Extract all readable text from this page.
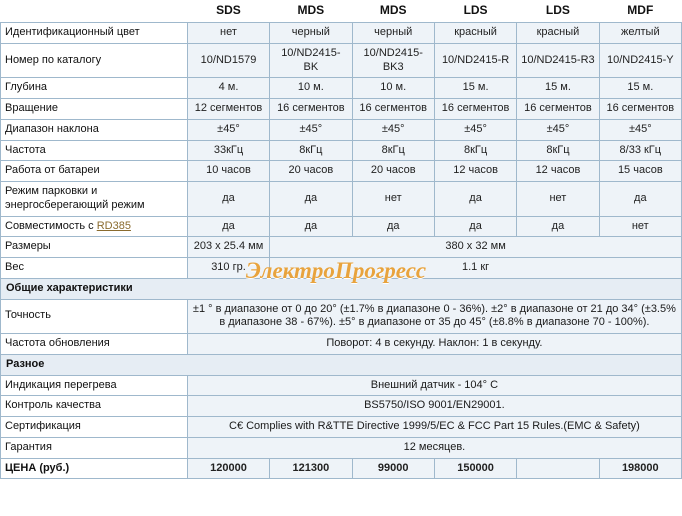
	SDS	MDS	MDS	LDS	LDS	MDF
Идентификационный цвет	нет	черный	черный	красный	красный	желтый
Номер по каталогу	10/ND1579	10/ND2415-BK	10/ND2415-BK3	10/ND2415-R	10/ND2415-R3	10/ND2415-Y
Глубина	4 м.	10 м.	10 м.	15 м.	15 м.	15 м.
Вращение	12 сегментов	16 сегментов	16 сегментов	16 сегментов	16 сегментов	16 сегментов
Диапазон наклона	±45°	±45°	±45°	±45°	±45°	±45°
Частота	33кГц	8кГц	8кГц	8кГц	8кГц	8/33 кГц
Работа от батареи	10 часов	20 часов	20 часов	12 часов	12 часов	15 часов
Режим парковки и энергосберегающий режим	да	да	нет	да	нет	да
Совместимость с RD385	да	да	да	да	да	нет
Размеры	203 x 25.4 мм	380 x 32 мм				
Вес	310 гр.	1.1 кг				
Общие характеристики						
Точность	±1 ° в диапазоне от 0 до 20° (±1.7% в диапазоне 0 - 36%). ±2° в диапазоне от 21 до 34° (±3.5% в диапазоне 38 - 67%). ±5° в диапазоне от 35 до 45° (±8.8% в диапазоне 70 - 100%).					
Частота обновления	Поворот: 4 в секунду. Наклон: 1 в секунду.					
Разное						
Индикация перегрева	Внешний датчик - 104° С					
Контроль качества	BS5750/ISO 9001/EN29001.					
Сертификация	C€ Complies with R&TTE Directive 1999/5/EC & FCC Part 15 Rules.(EMC & Safety)					
Гарантия	12 месяцев.					
ЦЕНА (руб.)	120000	121300	99000	150000		198000
ЭлектроПрогресс
